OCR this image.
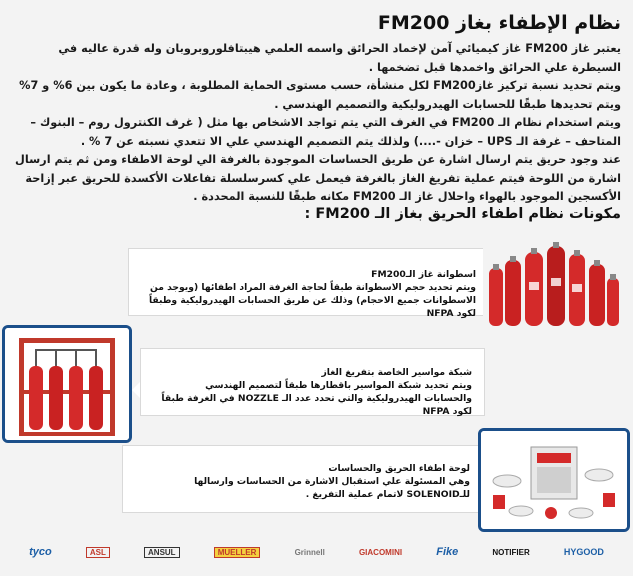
نظام الإطفاء بغاز FM200

يعتبر غاز FM200 غاز كيميائي آمن لإخماد الحرائق واسمه العلمي هيبتافلوروبروبان وله قدرة عاليه في السيطرة علي الحرائق واخمدها قبل تضخمها .

ويتم تحديد نسبة تركيز غازFM200 لكل منشأة، حسب مستوى الحماية المطلوبة ، وعادة ما يكون بين 6% و 7% ويتم تحديدها طبقًا للحسابات الهيدروليكية والتصميم الهندسي .

ويتم استخدام نظام الـ FM200 في الغرف التي يتم تواجد الاشخاص بها مثل ( غرف الكنترول روم – البنوك – المتاحف – غرفة الـ UPS – خزان -....) ولذلك يتم التصميم الهندسي علي الا تتعدي نسبته عن 7 % .

عند وجود حريق يتم ارسال اشارة عن طريق الحساسات الموجودة بالغرفة الي لوحة الاطفاء ومن ثم يتم ارسال اشارة من اللوحة فيتم عملية تفريغ الغاز بالغرفة فيعمل علي كسرسلسلة تفاعلات الأكسدة للحريق عبر إزاحة الأكسجين الموجود بالهواء واحلال غاز الـ FM200 مكانه طبقًا للنسبة المحددة .

مكونات نظام اطفاء الحريق بغاز الـ FM200 :
اسطوانة غاز الـFM200
ويتم تحديد حجم الاسطوانة طبقاً لحاجة الغرفة المراد اطفائها (ويوجد من الاسطوانات جميع الاحجام) وذلك عن طريق الحسابات الهيدروليكية وطبقاً لكود NFPA
شبكة مواسير الخاصة بتفريغ الغاز
ويتم تحديد شبكة المواسير باقطارها طبقاً لتصميم الهندسي والحسابات الهيدروليكية والتي تحدد عدد الـ NOZZLE في الغرفة طبقاً لكود NFPA
لوحة اطفاء الحريق والحساسات
وهي المسئولة علي استقبال الاشارة من الحساسات وارسالها للـSOLENOID لاتمام عملية التفريغ .
tyco	ASL	ANSUL	MUELLER	Grinnell	GIACOMINI	Fike	NOTIFIER	HYGOOD
